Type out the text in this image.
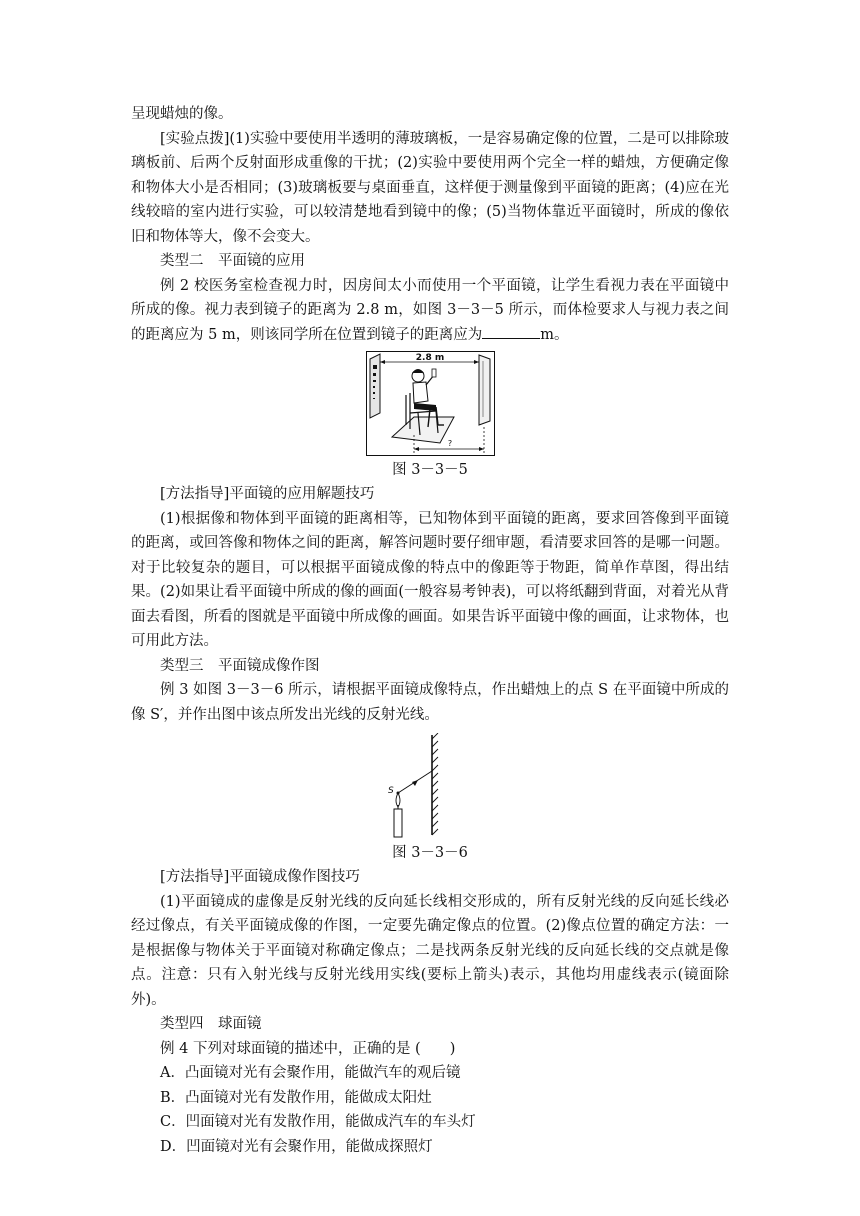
呈现蜡烛的像。

[实验点拨](1)实验中要使用半透明的薄玻璃板，一是容易确定像的位置，二是可以排除玻璃板前、后两个反射面形成重像的干扰；(2)实验中要使用两个完全一样的蜡烛，方便确定像和物体大小是否相同；(3)玻璃板要与桌面垂直，这样便于测量像到平面镜的距离；(4)应在光线较暗的室内进行实验，可以较清楚地看到镜中的像；(5)当物体靠近平面镜时，所成的像依旧和物体等大，像不会变大。

类型二　平面镜的应用

例 2 校医务室检查视力时，因房间太小而使用一个平面镜，让学生看视力表在平面镜中所成的像。视力表到镜子的距离为 2.8 m，如图 3－3－5 所示，而体检要求人与视力表之间的距离应为 5 m，则该同学所在位置到镜子的距离应为	m。

2.8 m
?
图 3－3－5

[方法指导]平面镜的应用解题技巧

(1)根据像和物体到平面镜的距离相等，已知物体到平面镜的距离，要求回答像到平面镜的距离，或回答像和物体之间的距离，解答问题时要仔细审题，看清要求回答的是哪一问题。对于比较复杂的题目，可以根据平面镜成像的特点中的像距等于物距，简单作草图，得出结果。(2)如果让看平面镜中所成的像的画面(一般容易考钟表)，可以将纸翻到背面，对着光从背面去看图，所看的图就是平面镜中所成像的画面。如果告诉平面镜中像的画面，让求物体，也可用此方法。

类型三　平面镜成像作图

例 3 如图 3－3－6 所示，请根据平面镜成像特点，作出蜡烛上的点 S 在平面镜中所成的像 S′，并作出图中该点所发出光线的反射光线。

S
图 3－3－6

[方法指导]平面镜成像作图技巧

(1)平面镜成的虚像是反射光线的反向延长线相交形成的，所有反射光线的反向延长线必经过像点，有关平面镜成像的作图，一定要先确定像点的位置。(2)像点位置的确定方法：一是根据像与物体关于平面镜对称确定像点；二是找两条反射光线的反向延长线的交点就是像点。注意：只有入射光线与反射光线用实线(要标上箭头)表示，其他均用虚线表示(镜面除外)。

类型四　球面镜

例 4 下列对球面镜的描述中，正确的是 (　　)

A．凸面镜对光有会聚作用，能做汽车的观后镜

B．凸面镜对光有发散作用，能做成太阳灶

C．凹面镜对光有发散作用，能做成汽车的车头灯

D．凹面镜对光有会聚作用，能做成探照灯
